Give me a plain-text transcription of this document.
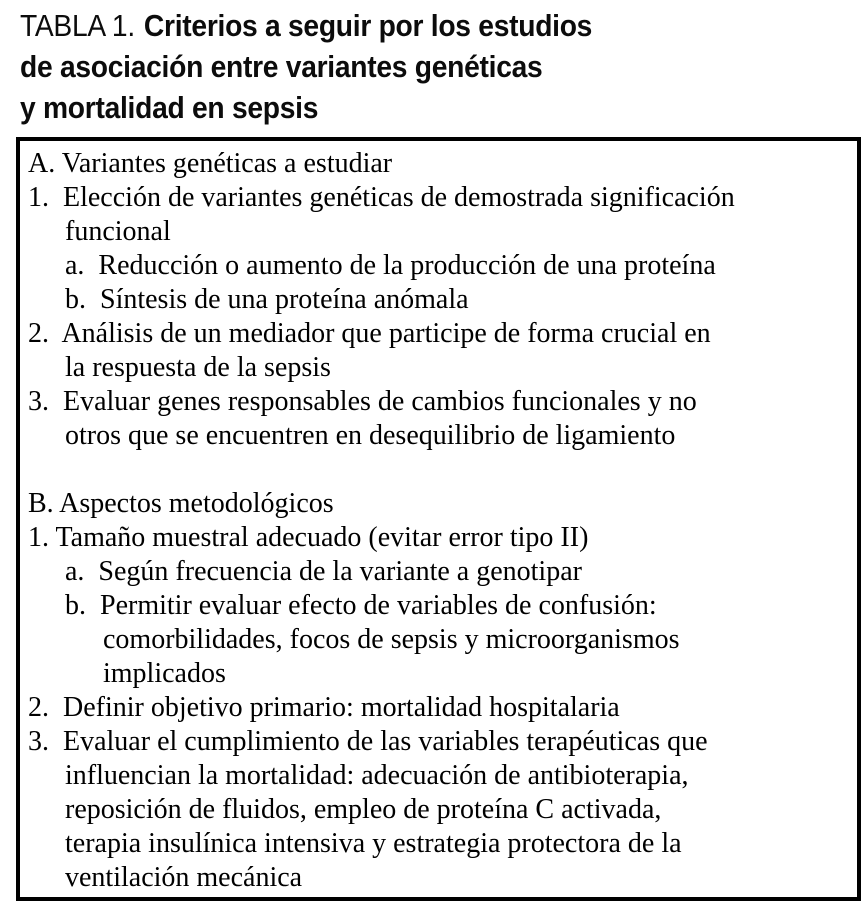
TABLA 1. Criterios a seguir por los estudios
de asociación entre variantes genéticas
y mortalidad en sepsis
A. Variantes genéticas a estudiar
1.  Elección de variantes genéticas de demostrada significación
funcional
a.  Reducción o aumento de la producción de una proteína
b.  Síntesis de una proteína anómala
2.  Análisis de un mediador que participe de forma crucial en
la respuesta de la sepsis
3.  Evaluar genes responsables de cambios funcionales y no
otros que se encuentren en desequilibrio de ligamiento
B. Aspectos metodológicos
1. Tamaño muestral adecuado (evitar error tipo II)
a.  Según frecuencia de la variante a genotipar
b.  Permitir evaluar efecto de variables de confusión:
comorbilidades, focos de sepsis y microorganismos
implicados
2.  Definir objetivo primario: mortalidad hospitalaria
3.  Evaluar el cumplimiento de las variables terapéuticas que
influencian la mortalidad: adecuación de antibioterapia,
reposición de fluidos, empleo de proteína C activada,
terapia insulínica intensiva y estrategia protectora de la
ventilación mecánica
